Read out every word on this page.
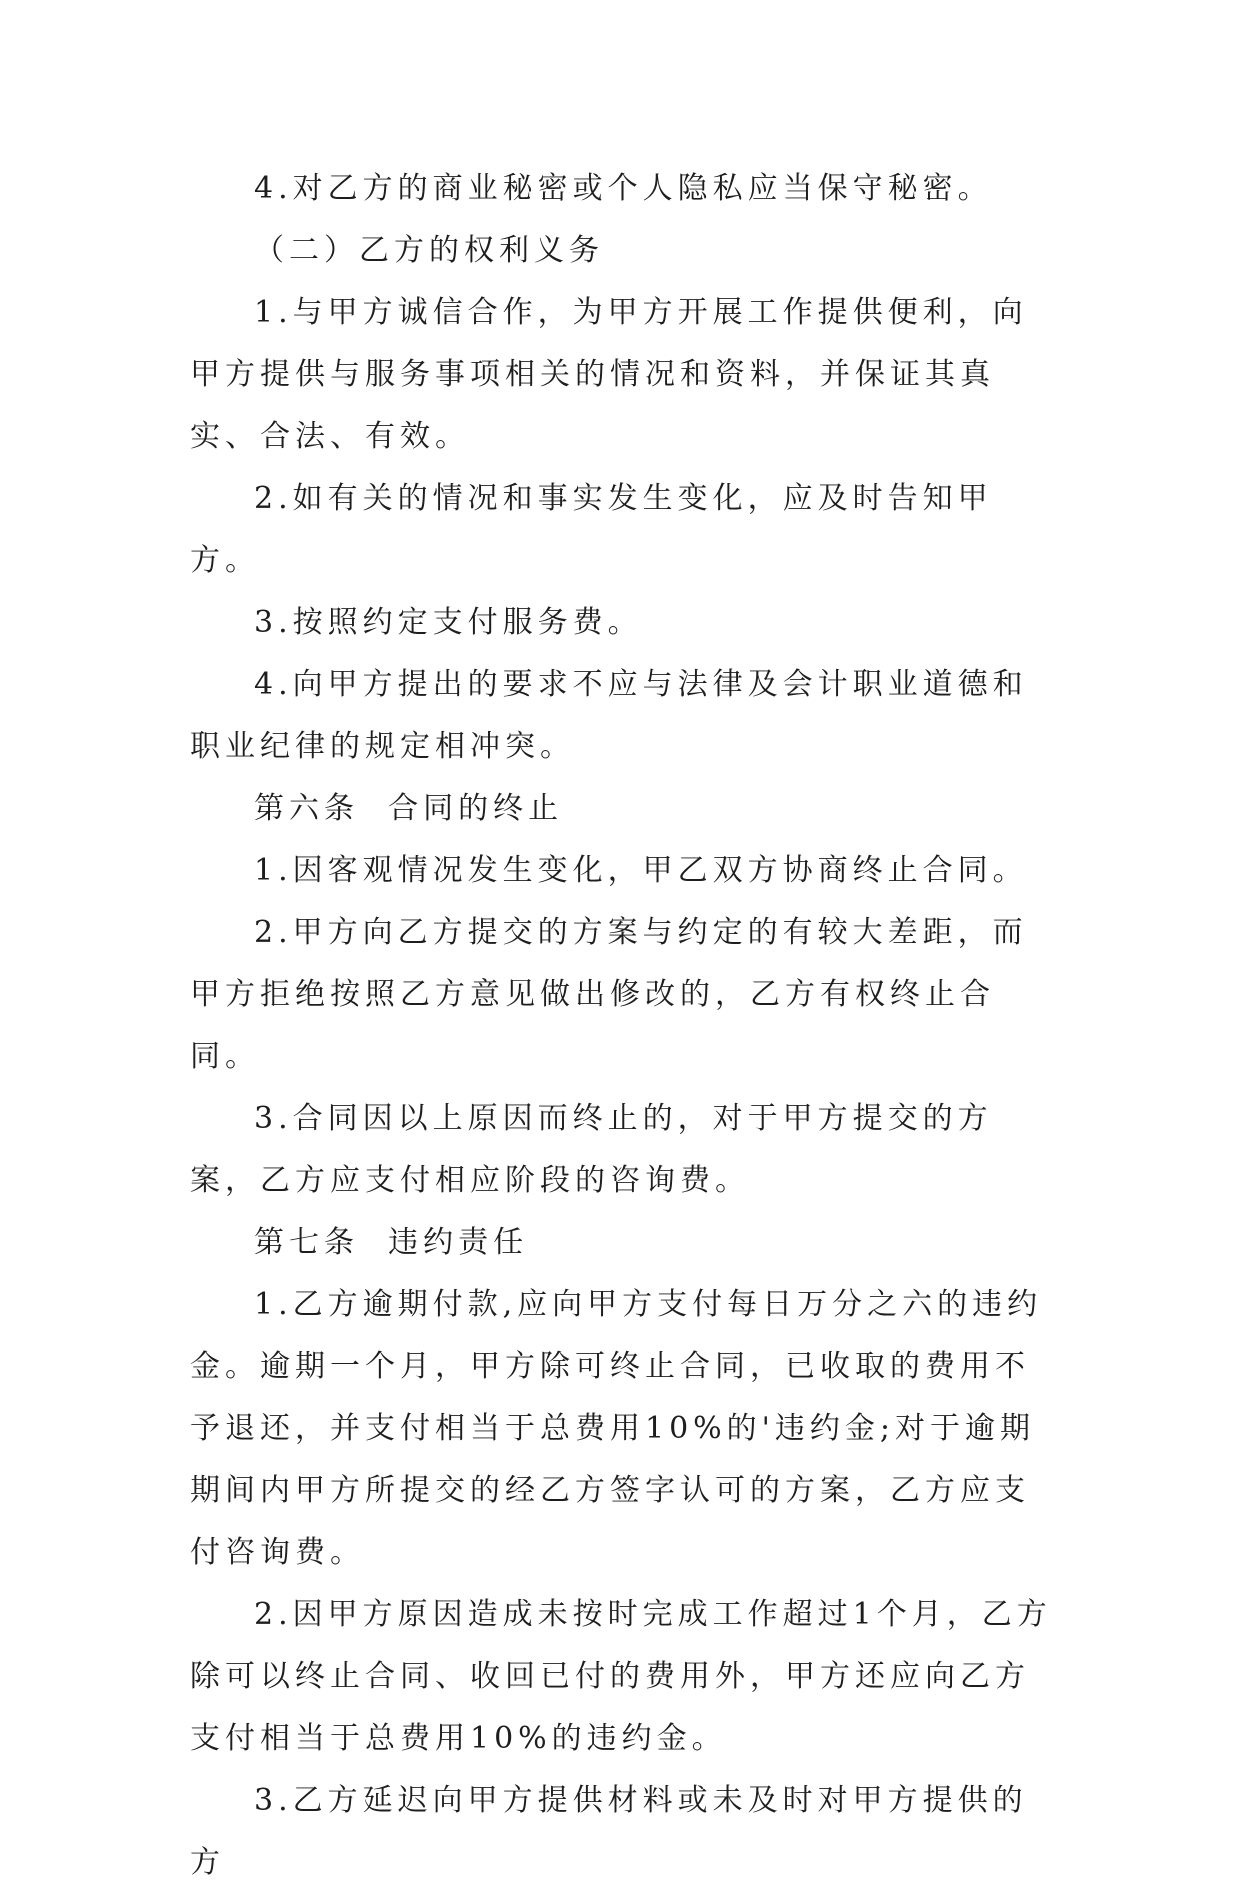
4.对乙方的商业秘密或个人隐私应当保守秘密。

（二）乙方的权利义务

1.与甲方诚信合作，为甲方开展工作提供便利，向甲方提供与服务事项相关的情况和资料，并保证其真实、合法、有效。

2.如有关的情况和事实发生变化，应及时告知甲方。

3.按照约定支付服务费。

4.向甲方提出的要求不应与法律及会计职业道德和职业纪律的规定相冲突。

第六条  合同的终止

1.因客观情况发生变化，甲乙双方协商终止合同。

2.甲方向乙方提交的方案与约定的有较大差距，而甲方拒绝按照乙方意见做出修改的，乙方有权终止合同。

3.合同因以上原因而终止的，对于甲方提交的方案，乙方应支付相应阶段的咨询费。

第七条  违约责任

1.乙方逾期付款,应向甲方支付每日万分之六的违约金。逾期一个月，甲方除可终止合同，已收取的费用不予退还，并支付相当于总费用10%的'违约金;对于逾期期间内甲方所提交的经乙方签字认可的方案，乙方应支付咨询费。

2.因甲方原因造成未按时完成工作超过1个月，乙方除可以终止合同、收回已付的费用外，甲方还应向乙方支付相当于总费用10%的违约金。

3.乙方延迟向甲方提供材料或未及时对甲方提供的方
